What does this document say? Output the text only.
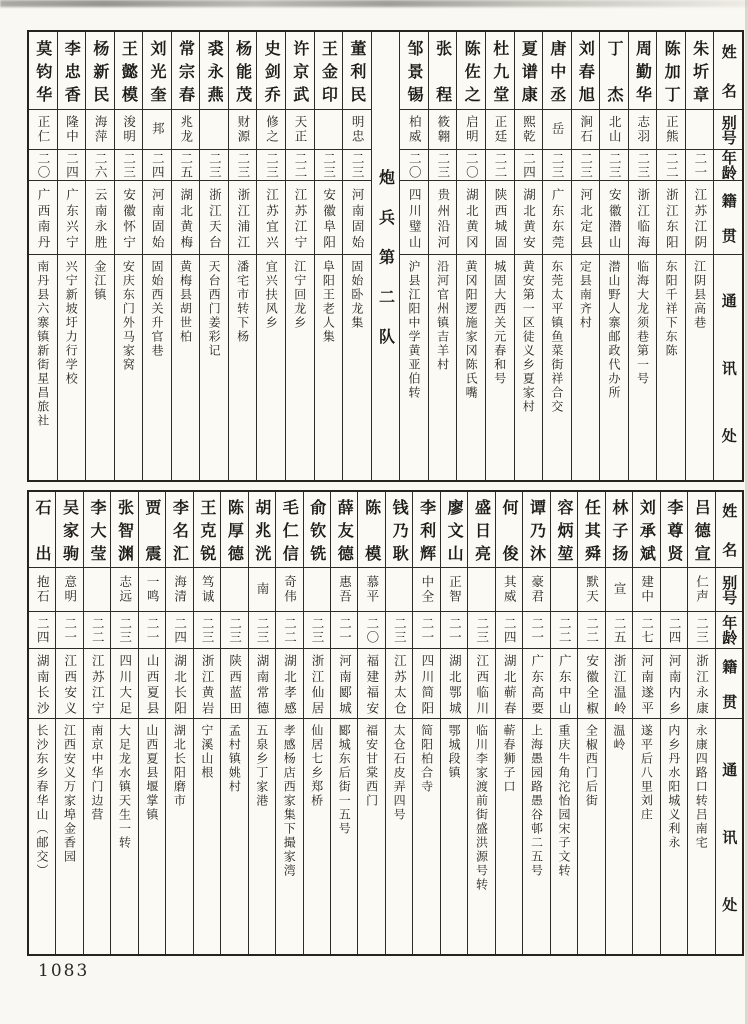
姓名
别号
年龄
籍贯
通讯处
朱圻章
二一
江苏江阴
江阴县高巷
陈加丁
正熊
二二
浙江东阳
东阳千祥下东陈
周勤华
志羽
二三
浙江临海
临海大龙须巷第一号
丁杰
北山
二三
安徽潜山
潜山野人寨邮政代办所
刘春旭
涧石
二三
河北定县
定县南齐村
唐中丞
岳
二三
广东东莞
东莞太平镇鱼菜街祥合交
夏谱康
熙乾
二四
湖北黄安
黄安第一区徒义乡夏家村
杜九堂
正廷
二二
陕西城固
城固大西关元春和号
陈佐之
启明
二〇
湖北黄冈
黄冈阳逻施家冈陈氏嘴
张程
筱翱
二三
贵州沿河
沿河官州镇吉羊村
邹景锡
柏威
二〇
四川璧山
沪县江阳中学黄亚伯转
炮兵第二队
董利民
明忠
二三
河南固始
固始卧龙集
王金印
二三
安徽阜阳
阜阳王老人集
许京武
天正
二二
江苏江宁
江宁回龙乡
史剑乔
修之
二三
江苏宜兴
宜兴扶风乡
杨能茂
财源
二三
浙江浦江
潘宅市转下杨
裘永燕
二三
浙江天台
天台西门姜彩记
常宗春
兆龙
二五
湖北黄梅
黄梅县胡世柏
刘光奎
邦
二四
河南固始
固始西关升官巷
王懿模
浚明
二三
安徽怀宁
安庆东门外马家窝
杨新民
海萍
二六
云南永胜
金江镇
李忠香
隆中
二四
广东兴宁
兴宁新坡圩力行学校
莫钧华
正仁
二〇
广西南丹
南丹县六寨镇新街星昌旅社
姓名
别号
年龄
籍贯
通讯处
吕德宣
仁声
二三
浙江永康
永康四路口转吕南宅
李尊贤
二四
河南内乡
内乡丹水阳城义利永
刘承斌
建中
二七
河南遂平
遂平后八里刘庄
林子扬
宣
二五
浙江温岭
温岭
任其舜
默天
二二
安徽全椒
全椒西门后街
容炳堃
二二
广东中山
重庆牛角沱怡园宋子文转
谭乃沐
豪君
二一
广东高要
上海愚园路愚谷邨二五号
何俊
其威
二四
湖北蕲春
蕲春狮子口
盛日亮
二三
江西临川
临川李家渡前街盛洪源号转
廖文山
正智
二一
湖北鄂城
鄂城段镇
李利辉
中全
二一
四川简阳
简阳柏合寺
钱乃耿
二三
江苏太仓
太仓石皮弄四号
陈模
慕平
二〇
福建福安
福安甘棠西门
薛友德
惠吾
二一
河南郾城
郾城东后街一五号
俞钦铣
二三
浙江仙居
仙居七乡郑桥
毛仁信
奇伟
二二
湖北孝感
孝感杨店西家集下撮家湾
胡兆洸
南
二三
湖南常德
五泉乡丁家港
陈厚德
二三
陕西蓝田
孟村镇姚村
王克锐
笃诚
二三
浙江黄岩
宁溪山根
李名汇
海清
二四
湖北长阳
湖北长阳磨市
贾震
一鸣
二一
山西夏县
山西夏县堰掌镇
张智渊
志远
二三
四川大足
大足龙水镇天生一转
李大莹
二二
江苏江宁
南京中华门边营
吴家驹
意明
二一
江西安义
江西安义万家埠金香园
石出
抱石
二四
湖南长沙
长沙东乡春华山（邮交）
1083
